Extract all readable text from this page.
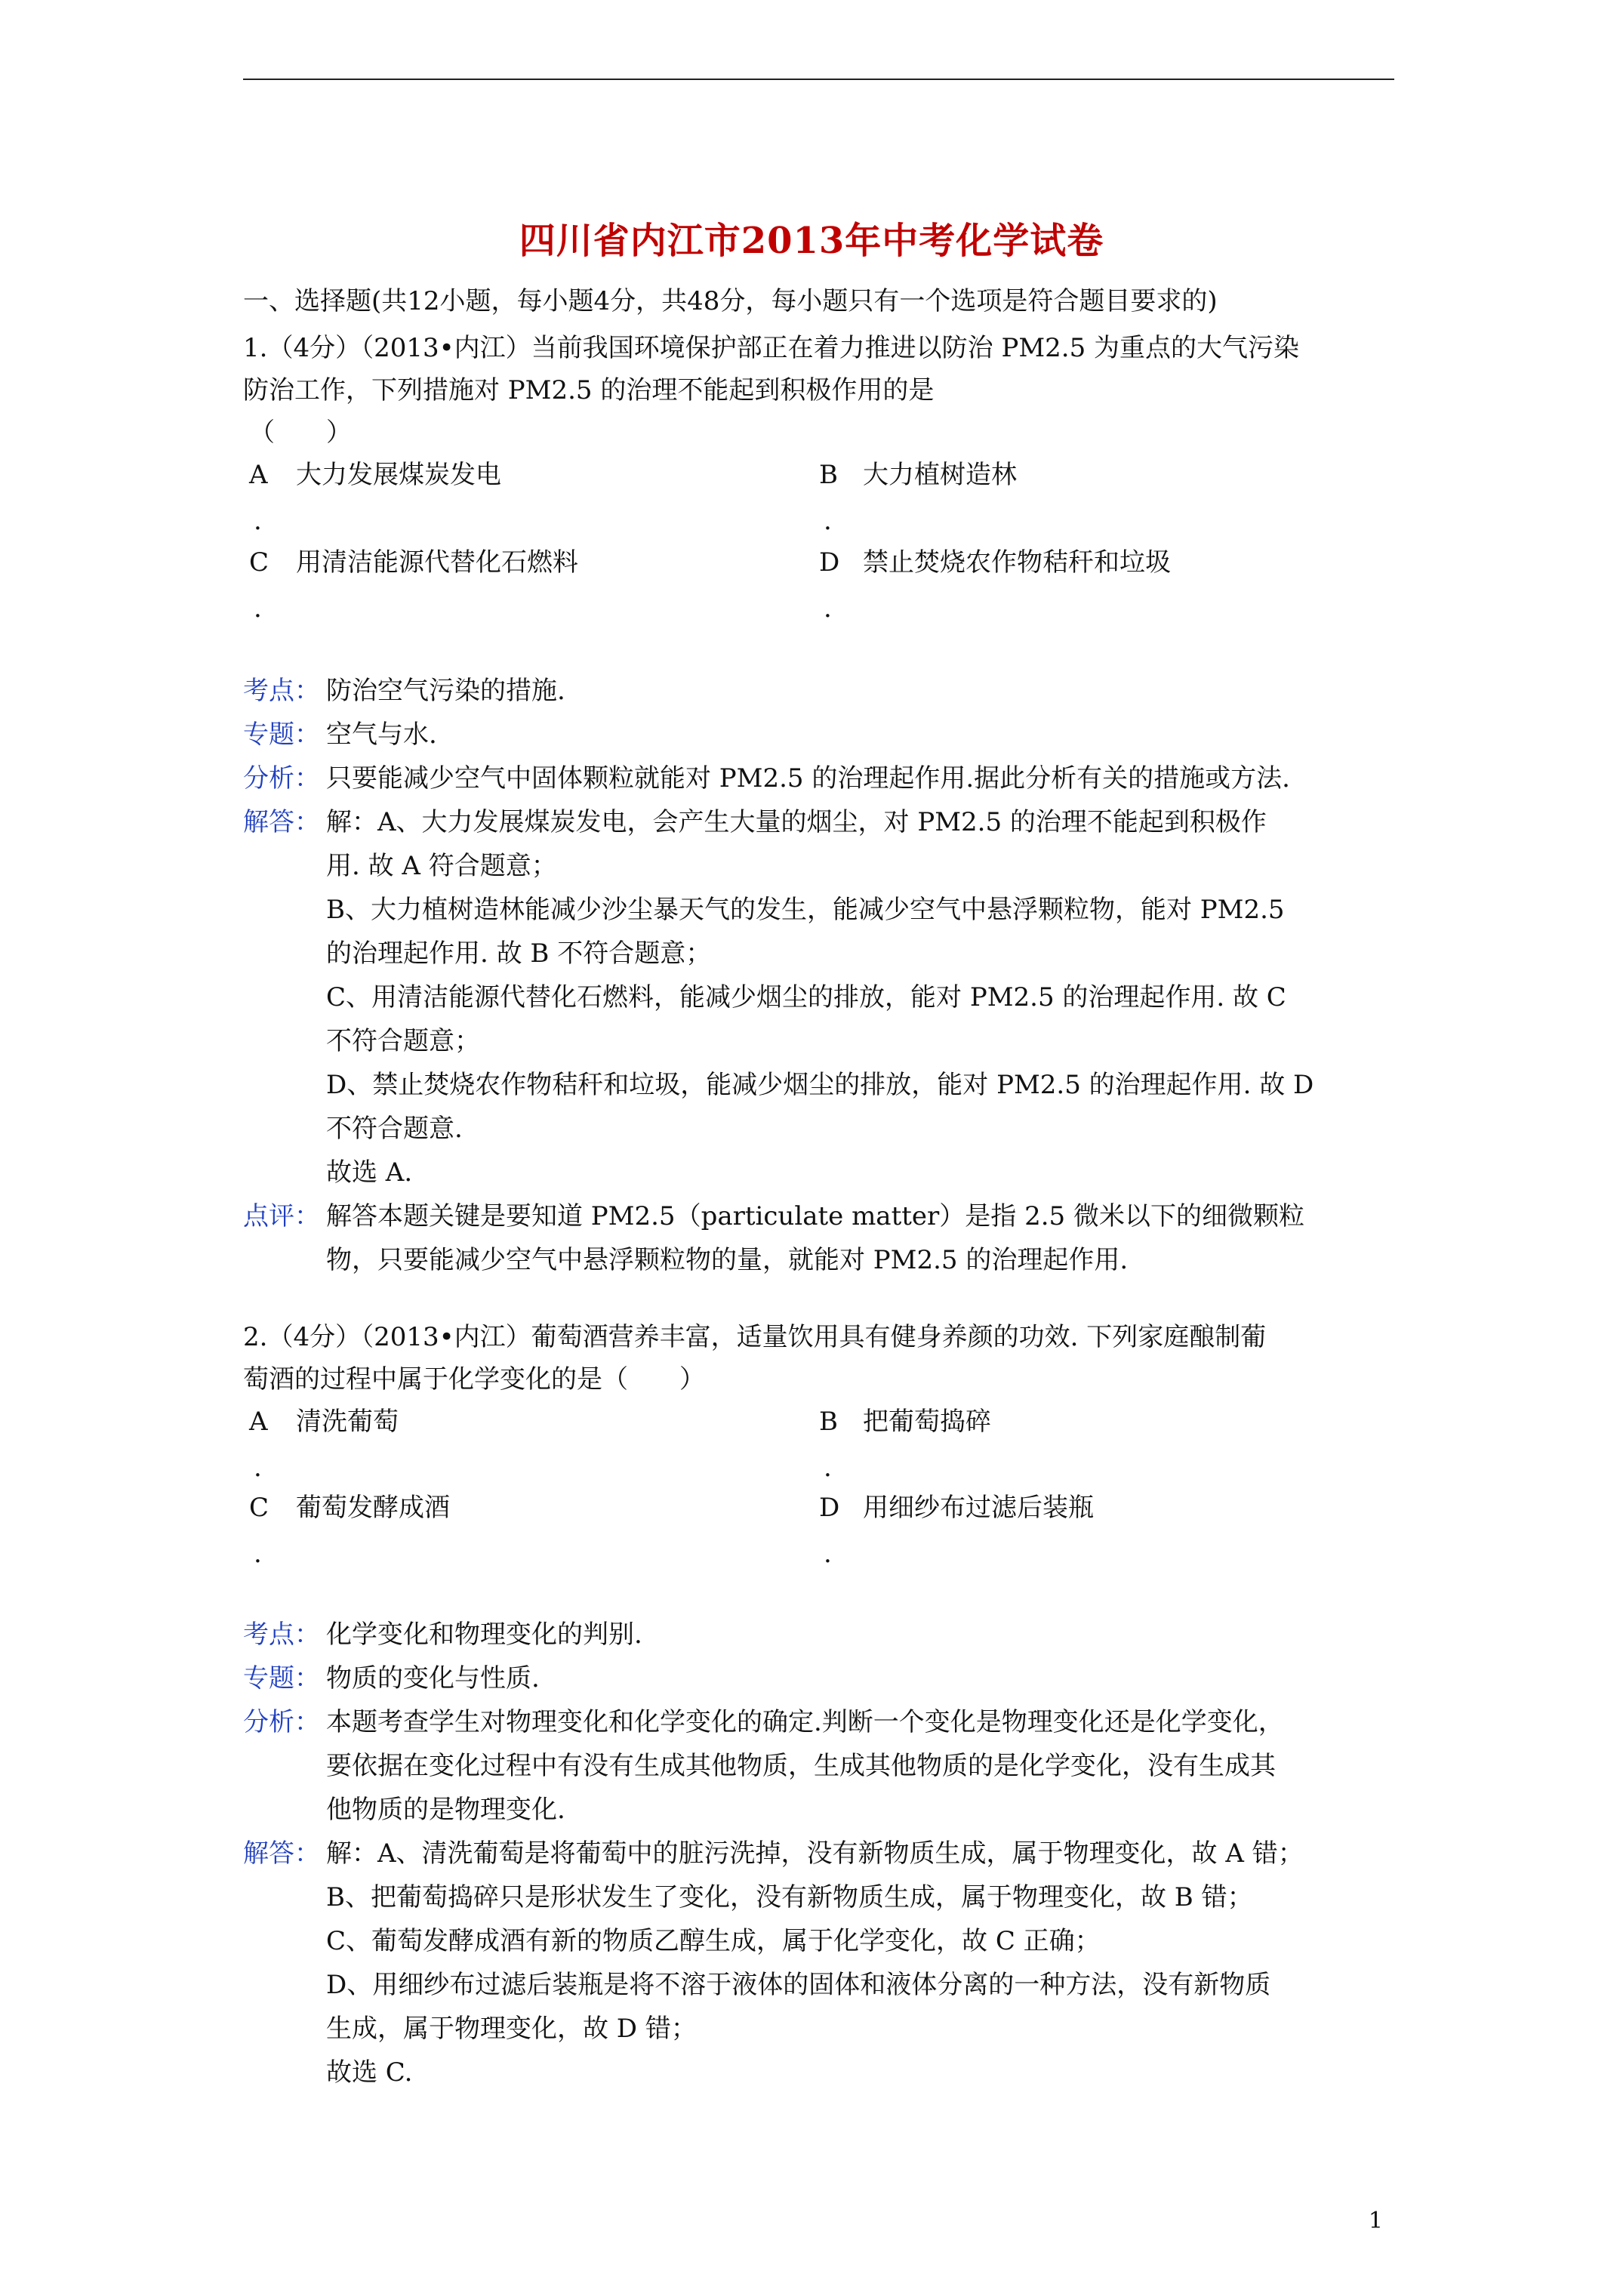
四川省内江市2013年中考化学试卷
一、选择题(共12小题，每小题4分，共48分，每小题只有一个选项是符合题目要求的)
1.（4分）（2013•内江）当前我国环境保护部正在着力推进以防治 PM2.5 为重点的大气污染
防治工作，下列措施对 PM2.5 的治理不能起到积极作用的是
（　　）
A 大力发展煤炭发电	B 大力植树造林
.	.
C 用清洁能源代替化石燃料	D 禁止焚烧农作物秸秆和垃圾
.	.
考点： 防治空气污染的措施.
专题： 空气与水.
分析： 只要能减少空气中固体颗粒就能对 PM2.5 的治理起作用.据此分析有关的措施或方法.
解答： 解：A、大力发展煤炭发电，会产生大量的烟尘，对 PM2.5 的治理不能起到积极作
用. 故 A 符合题意；
B、大力植树造林能减少沙尘暴天气的发生，能减少空气中悬浮颗粒物，能对 PM2.5
的治理起作用. 故 B 不符合题意；
C、用清洁能源代替化石燃料，能减少烟尘的排放，能对 PM2.5 的治理起作用. 故 C
不符合题意；
D、禁止焚烧农作物秸秆和垃圾，能减少烟尘的排放，能对 PM2.5 的治理起作用. 故 D
不符合题意.
故选 A.
点评： 解答本题关键是要知道 PM2.5（particulate matter）是指 2.5 微米以下的细微颗粒
物，只要能减少空气中悬浮颗粒物的量，就能对 PM2.5 的治理起作用.
2.（4分）（2013•内江）葡萄酒营养丰富，适量饮用具有健身养颜的功效. 下列家庭酿制葡
萄酒的过程中属于化学变化的是（　　）
A 清洗葡萄	B 把葡萄捣碎
.	.
C 葡萄发酵成酒	D 用细纱布过滤后装瓶
.	.
考点： 化学变化和物理变化的判别.
专题： 物质的变化与性质.
分析： 本题考查学生对物理变化和化学变化的确定.判断一个变化是物理变化还是化学变化，
要依据在变化过程中有没有生成其他物质，生成其他物质的是化学变化，没有生成其
他物质的是物理变化.
解答： 解：A、清洗葡萄是将葡萄中的脏污洗掉，没有新物质生成，属于物理变化，故 A 错；
B、把葡萄捣碎只是形状发生了变化，没有新物质生成，属于物理变化，故 B 错；
C、葡萄发酵成酒有新的物质乙醇生成，属于化学变化，故 C 正确；
D、用细纱布过滤后装瓶是将不溶于液体的固体和液体分离的一种方法，没有新物质
生成，属于物理变化，故 D 错；
故选 C.
1
